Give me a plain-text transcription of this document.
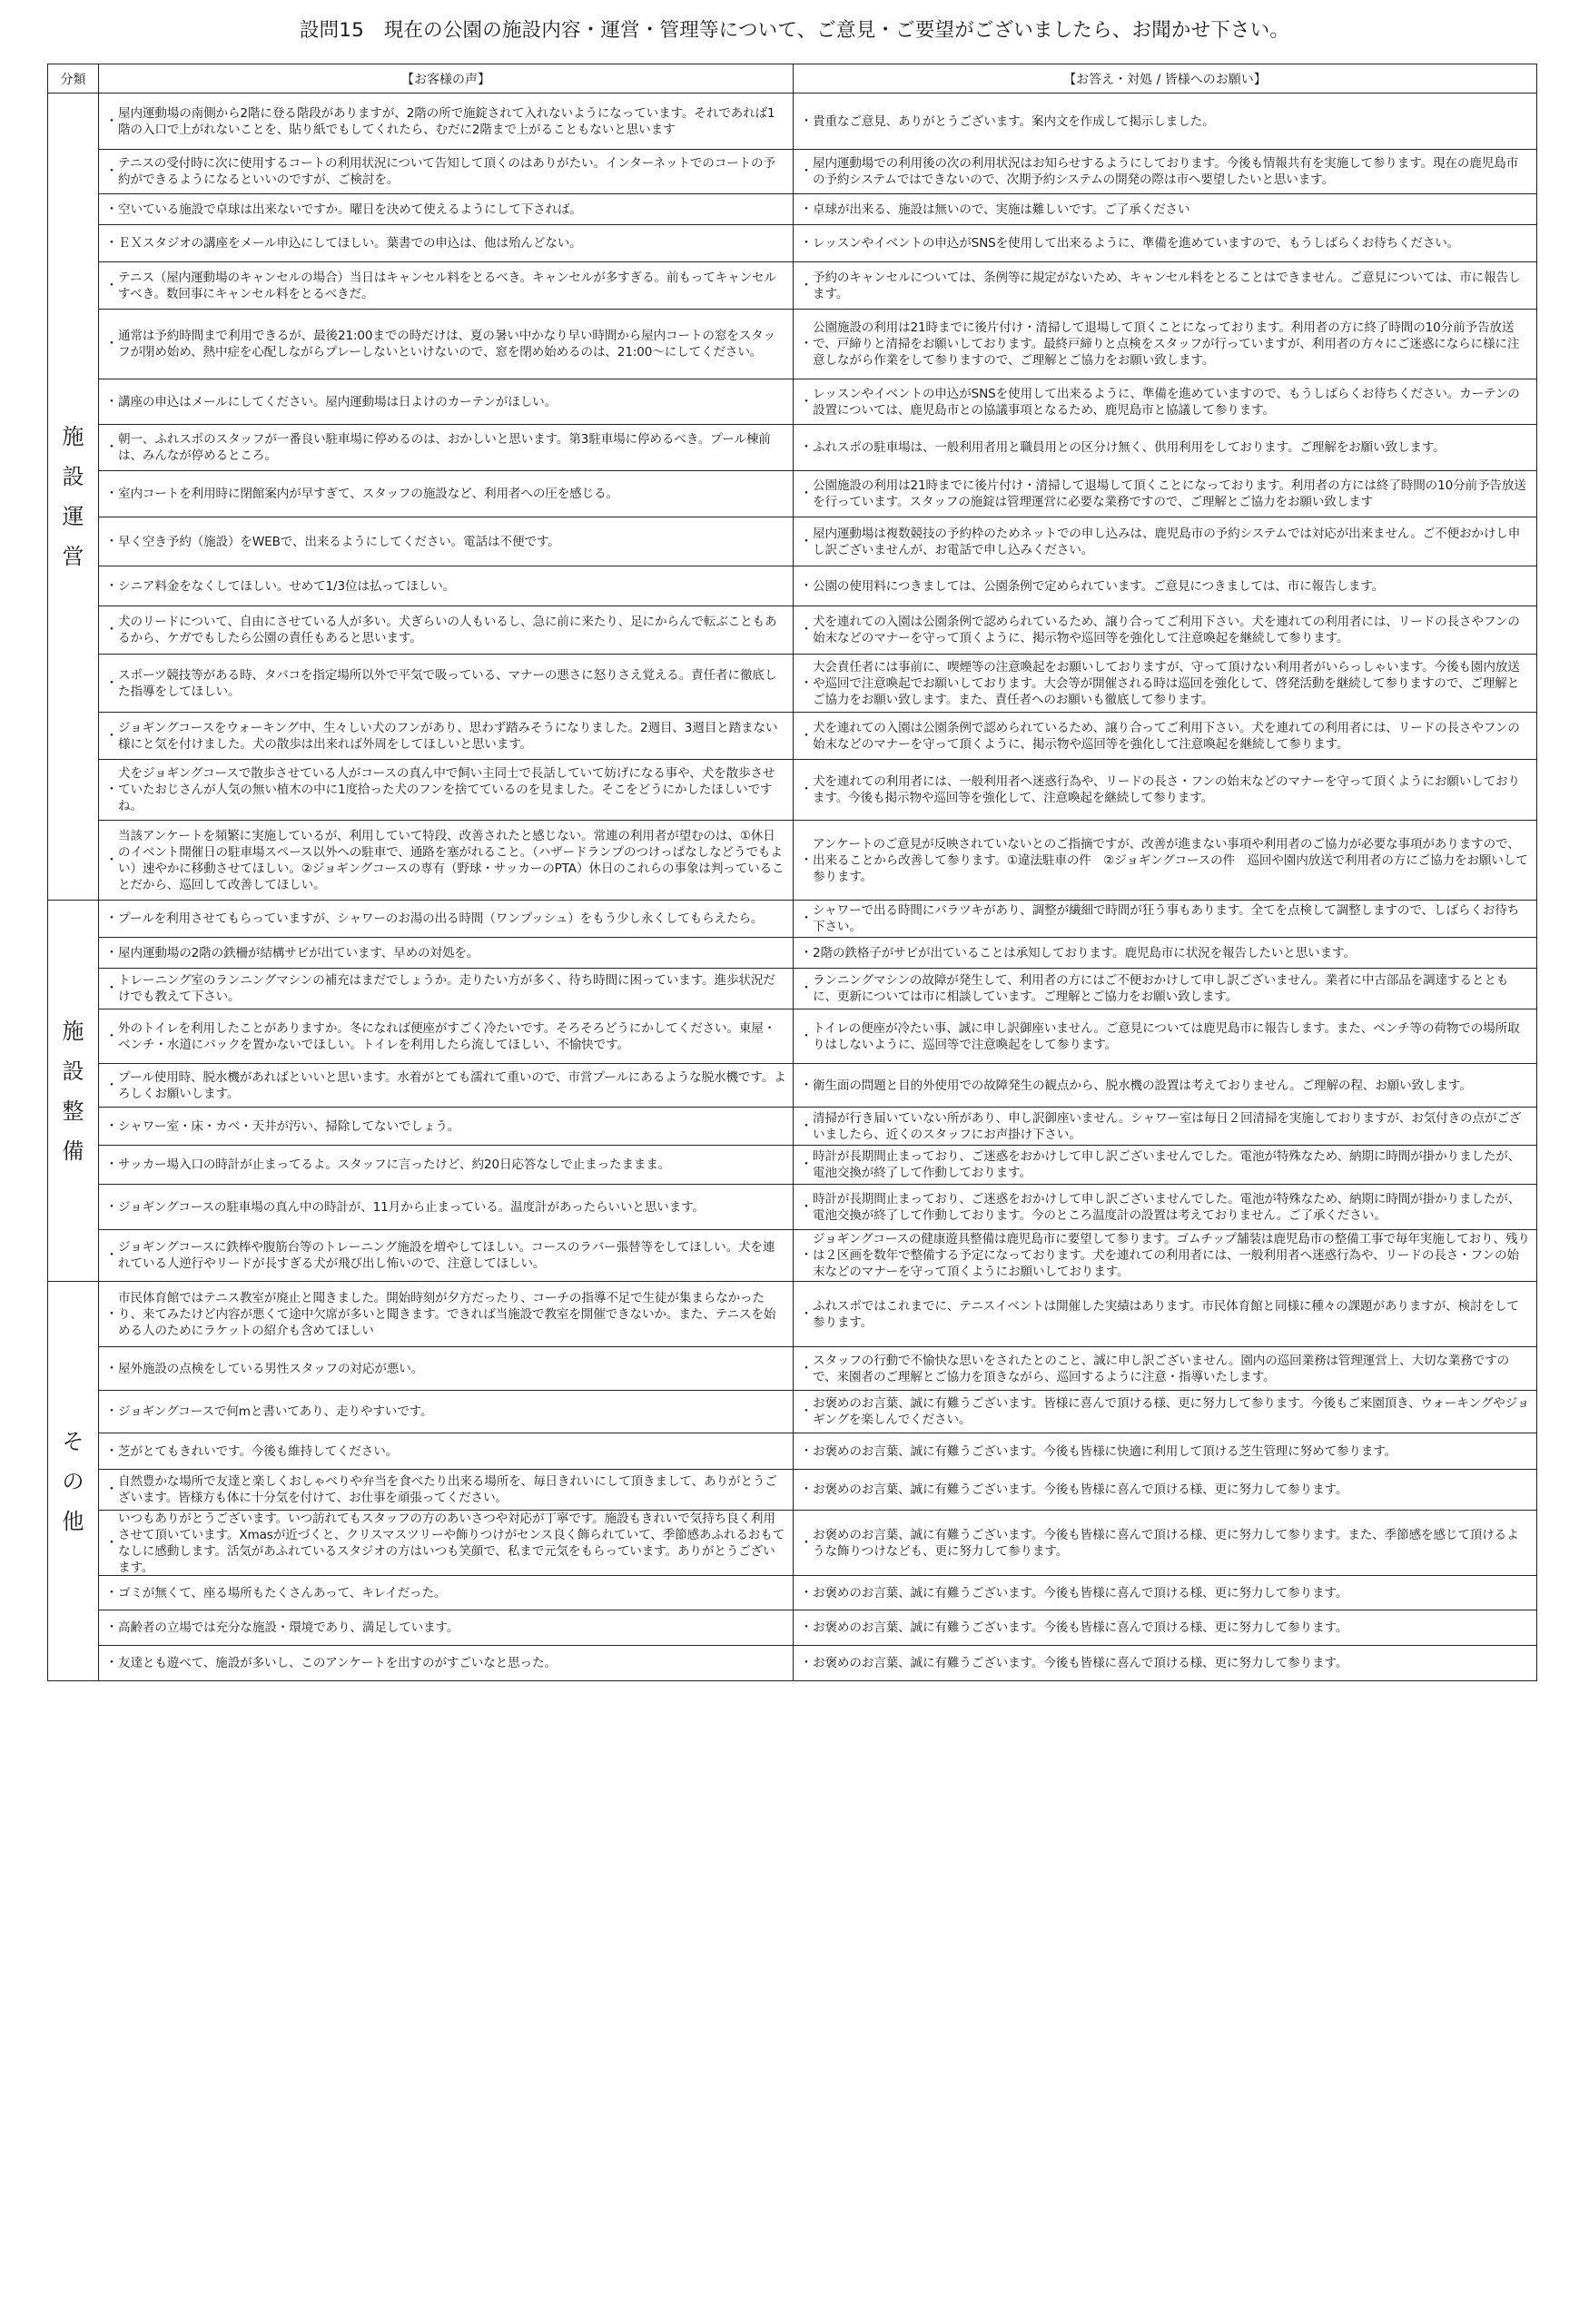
設問15　現在の公園の施設内容・運営・管理等について、ご意見・ご要望がございましたら、お聞かせ下さい。
分類	【お客様の声】	【お答え・対処 / 皆様へのお願い】

施
設
運
営	・
屋内運動場の南側から2階に登る階段がありますが、2階の所で施錠されて入れないようになっています。それであれば1階の入口で上がれないことを、貼り紙でもしてくれたら、むだに2階まで上がることもないと思います	・ 貴重なご意見、ありがとうございます。案内文を作成して掲示しました。

	・
テニスの受付時に次に使用するコートの利用状況について告知して頂くのはありがたい。インターネットでのコートの予約ができるようになるといいのですが、ご検討を。	・
屋内運動場での利用後の次の利用状況はお知らせするようにしております。今後も情報共有を実施して参ります。現在の鹿児島市の予約システムではできないので、次期予約システムの開発の際は市へ要望したいと思います。

	・ 空いている施設で卓球は出来ないですか。曜日を決めて使えるようにして下されば。	・ 卓球が出来る、施設は無いので、実施は難しいです。ご了承ください

	・ ＥＸスタジオの講座をメール申込にしてほしい。葉書での申込は、他は殆んどない。	・ レッスンやイベントの申込がSNSを使用して出来るように、準備を進めていますので、もうしばらくお待ちください。

	・
テニス（屋内運動場のキャンセルの場合）当日はキャンセル料をとるべき。キャンセルが多すぎる。前もってキャンセルすべき。数回事にキャンセル料をとるべきだ。	・
予約のキャンセルについては、条例等に規定がないため、キャンセル料をとることはできません。ご意見については、市に報告します。

	・
通常は予約時間まで利用できるが、最後21:00までの時だけは、夏の暑い中かなり早い時間から屋内コートの窓をスタッフが閉め始め、熱中症を心配しながらプレーしないといけないので、窓を閉め始めるのは、21:00〜にしてください。	・
公園施設の利用は21時までに後片付け・清掃して退場して頂くことになっております。利用者の方に終了時間の10分前予告放送で、戸締りと清掃をお願いしております。最終戸締りと点検をスタッフが行っていますが、利用者の方々にご迷惑にならに様に注意しながら作業をして参りますので、ご理解とご協力をお願い致します。

	・ 講座の申込はメールにしてください。屋内運動場は日よけのカーテンがほしい。	・
レッスンやイベントの申込がSNSを使用して出来るように、準備を進めていますので、もうしばらくお待ちください。カーテンの設置については、鹿児島市との協議事項となるため、鹿児島市と協議して参ります。

	・
朝一、ふれスポのスタッフが一番良い駐車場に停めるのは、おかしいと思います。第3駐車場に停めるべき。プール棟前は、みんなが停めるところ。	・ ふれスポの駐車場は、一般利用者用と職員用との区分け無く、供用利用をしております。ご理解をお願い致します。

	・ 室内コートを利用時に閉館案内が早すぎて、スタッフの施設など、利用者への圧を感じる。	・
公園施設の利用は21時までに後片付け・清掃して退場して頂くことになっております。利用者の方には終了時間の10分前予告放送を行っています。スタッフの施錠は管理運営に必要な業務ですので、ご理解とご協力をお願い致します

	・ 早く空き予約（施設）をWEBで、出来るようにしてください。電話は不便です。	・
屋内運動場は複数競技の予約枠のためネットでの申し込みは、鹿児島市の予約システムでは対応が出来ません。ご不便おかけし申し訳ございませんが、お電話で申し込みください。

	・ シニア料金をなくしてほしい。せめて1/3位は払ってほしい。	・ 公園の使用料につきましては、公園条例で定められています。ご意見につきましては、市に報告します。

	・
犬のリードについて、自由にさせている人が多い。犬ぎらいの人もいるし、急に前に来たり、足にからんで転ぶこともあるから、ケガでもしたら公園の責任もあると思います。	・
犬を連れての入園は公園条例で認められているため、譲り合ってご利用下さい。犬を連れての利用者には、リードの長さやフンの始末などのマナーを守って頂くように、掲示物や巡回等を強化して注意喚起を継続して参ります。

	・
スポーツ競技等がある時、タバコを指定場所以外で平気で吸っている、マナーの悪さに怒りさえ覚える。責任者に徹底した指導をしてほしい。	・
大会責任者には事前に、喫煙等の注意喚起をお願いしておりますが、守って頂けない利用者がいらっしゃいます。今後も園内放送や巡回で注意喚起でお願いしております。大会等が開催される時は巡回を強化して、啓発活動を継続して参りますので、ご理解とご協力をお願い致します。また、責任者へのお願いも徹底して参ります。

	・
ジョギングコースをウォーキング中、生々しい犬のフンがあり、思わず踏みそうになりました。2週目、3週目と踏まない様にと気を付けました。犬の散歩は出来れば外周をしてほしいと思います。	・
犬を連れての入園は公園条例で認められているため、譲り合ってご利用下さい。犬を連れての利用者には、リードの長さやフンの始末などのマナーを守って頂くように、掲示物や巡回等を強化して注意喚起を継続して参ります。

	・
犬をジョギングコースで散歩させている人がコースの真ん中で飼い主同士で長話していて妨げになる事や、犬を散歩させていたおじさんが人気の無い植木の中に1度拾った犬のフンを捨てているのを見ました。そこをどうにかしたほしいですね。	・
犬を連れての利用者には、一般利用者へ迷惑行為や、リードの長さ・フンの始末などのマナーを守って頂くようにお願いしております。今後も掲示物や巡回等を強化して、注意喚起を継続して参ります。

	・
当該アンケートを頻繁に実施しているが、利用していて特段、改善されたと感じない。常連の利用者が望むのは、①休日のイベント開催日の駐車場スペース以外への駐車で、通路を塞がれること。（ハザードランプのつけっぱなしなどうでもよい）速やかに移動させてほしい。②ジョギングコースの専有（野球・サッカーのPTA）休日のこれらの事象は判っていることだから、巡回して改善してほしい。	・
アンケートのご意見が反映されていないとのご指摘ですが、改善が進まない事項や利用者のご協力が必要な事項がありますので、出来ることから改善して参ります。①違法駐車の件　②ジョギングコースの件　巡回や園内放送で利用者の方にご協力をお願いして参ります。

施
設
整
備	・ プールを利用させてもらっていますが、シャワーのお湯の出る時間（ワンプッシュ）をもう少し永くしてもらえたら。	・
シャワーで出る時間にバラツキがあり、調整が繊細で時間が狂う事もあります。全てを点検して調整しますので、しばらくお待ち下さい。

	・ 屋内運動場の2階の鉄柵が結構サビが出ています、早めの対処を。	・ 2階の鉄格子がサビが出ていることは承知しております。鹿児島市に状況を報告したいと思います。

	・
トレーニング室のランニングマシンの補充はまだでしょうか。走りたい方が多く、待ち時間に困っています。進歩状況だけでも教えて下さい。	・
ランニングマシンの故障が発生して、利用者の方にはご不便おかけして申し訳ございません。業者に中古部品を調達するとともに、更新については市に相談しています。ご理解とご協力をお願い致します。

	・
外のトイレを利用したことがありますか。冬になれば便座がすごく冷たいです。そろそろどうにかしてください。東屋・ベンチ・水道にバックを置かないでほしい。トイレを利用したら流してほしい、不愉快です。	・
トイレの便座が冷たい事、誠に申し訳御座いません。ご意見については鹿児島市に報告します。また、ベンチ等の荷物での場所取りはしないように、巡回等で注意喚起をして参ります。

	・
プール使用時、脱水機があればといいと思います。水着がとても濡れて重いので、市営プールにあるような脱水機です。よろしくお願いします。	・ 衛生面の問題と目的外使用での故障発生の観点から、脱水機の設置は考えておりません。ご理解の程、お願い致します。

	・ シャワー室・床・カベ・天井が汚い、掃除してないでしょう。	・
清掃が行き届いていない所があり、申し訳御座いません。シャワー室は毎日２回清掃を実施しておりますが、お気付きの点がございましたら、近くのスタッフにお声掛け下さい。

	・ サッカー場入口の時計が止まってるよ。スタッフに言ったけど、約20日応答なしで止まったままま。	・
時計が長期間止まっており、ご迷惑をおかけして申し訳ございませんでした。電池が特殊なため、納期に時間が掛かりましたが、電池交換が終了して作動しております。

	・ ジョギングコースの駐車場の真ん中の時計が、11月から止まっている。温度計があったらいいと思います。	・
時計が長期間止まっており、ご迷惑をおかけして申し訳ございませんでした。電池が特殊なため、納期に時間が掛かりましたが、電池交換が終了して作動しております。今のところ温度計の設置は考えておりません。ご了承ください。

	・
ジョギングコースに鉄棒や腹筋台等のトレーニング施設を増やしてほしい。コースのラバー張替等をしてほしい。犬を連れている人逆行やリードが長すぎる犬が飛び出し怖いので、注意してほしい。	・
ジョギングコースの健康遊具整備は鹿児島市に要望して参ります。ゴムチップ舗装は鹿児島市の整備工事で毎年実施しており、残りは２区画を数年で整備する予定になっております。犬を連れての利用者には、一般利用者へ迷惑行為や、リードの長さ・フンの始末などのマナーを守って頂くようにお願いしております。

そ
の
他	・
市民体育館ではテニス教室が廃止と聞きました。開始時刻が夕方だったり、コーチの指導不足で生徒が集まらなかったり、来てみたけど内容が悪くて途中欠席が多いと聞きます。できれば当施設で教室を開催できないか。また、テニスを始める人のためにラケットの紹介も含めてほしい	・
ふれスポではこれまでに、テニスイベントは開催した実績はあります。市民体育館と同様に種々の課題がありますが、検討をして参ります。

	・ 屋外施設の点検をしている男性スタッフの対応が悪い。	・
スタッフの行動で不愉快な思いをされたとのこと、誠に申し訳ございません。園内の巡回業務は管理運営上、大切な業務ですので、来園者のご理解とご協力を頂きながら、巡回するように注意・指導いたします。

	・ ジョギングコースで何mと書いてあり、走りやすいです。	・
お褒めのお言葉、誠に有難うございます。皆様に喜んで頂ける様、更に努力して参ります。今後もご来園頂き、ウォーキングやジョギングを楽しんでください。

	・ 芝がとてもきれいです。今後も維持してください。	・ お褒めのお言葉、誠に有難うございます。今後も皆様に快適に利用して頂ける芝生管理に努めて参ります。

	・
自然豊かな場所で友達と楽しくおしゃべりや弁当を食べたり出来る場所を、毎日きれいにして頂きまして、ありがとうございます。皆様方も体に十分気を付けて、お仕事を頑張ってください。	・ お褒めのお言葉、誠に有難うございます。今後も皆様に喜んで頂ける様、更に努力して参ります。

	・
いつもありがとうございます。いつ訪れてもスタッフの方のあいさつや対応が丁寧です。施設もきれいで気持ち良く利用させて頂いています。Xmasが近づくと、クリスマスツリーや飾りつけがセンス良く飾られていて、季節感あふれるおもてなしに感動します。活気があふれているスタジオの方はいつも笑顔で、私まで元気をもらっています。ありがとうございます。	・
お褒めのお言葉、誠に有難うございます。今後も皆様に喜んで頂ける様、更に努力して参ります。また、季節感を感じて頂けるような飾りつけなども、更に努力して参ります。

	・ ゴミが無くて、座る場所もたくさんあって、キレイだった。	・ お褒めのお言葉、誠に有難うございます。今後も皆様に喜んで頂ける様、更に努力して参ります。

	・ 高齢者の立場では充分な施設・環境であり、満足しています。	・ お褒めのお言葉、誠に有難うございます。今後も皆様に喜んで頂ける様、更に努力して参ります。

	・ 友達とも遊べて、施設が多いし、このアンケートを出すのがすごいなと思った。	・ お褒めのお言葉、誠に有難うございます。今後も皆様に喜んで頂ける様、更に努力して参ります。
